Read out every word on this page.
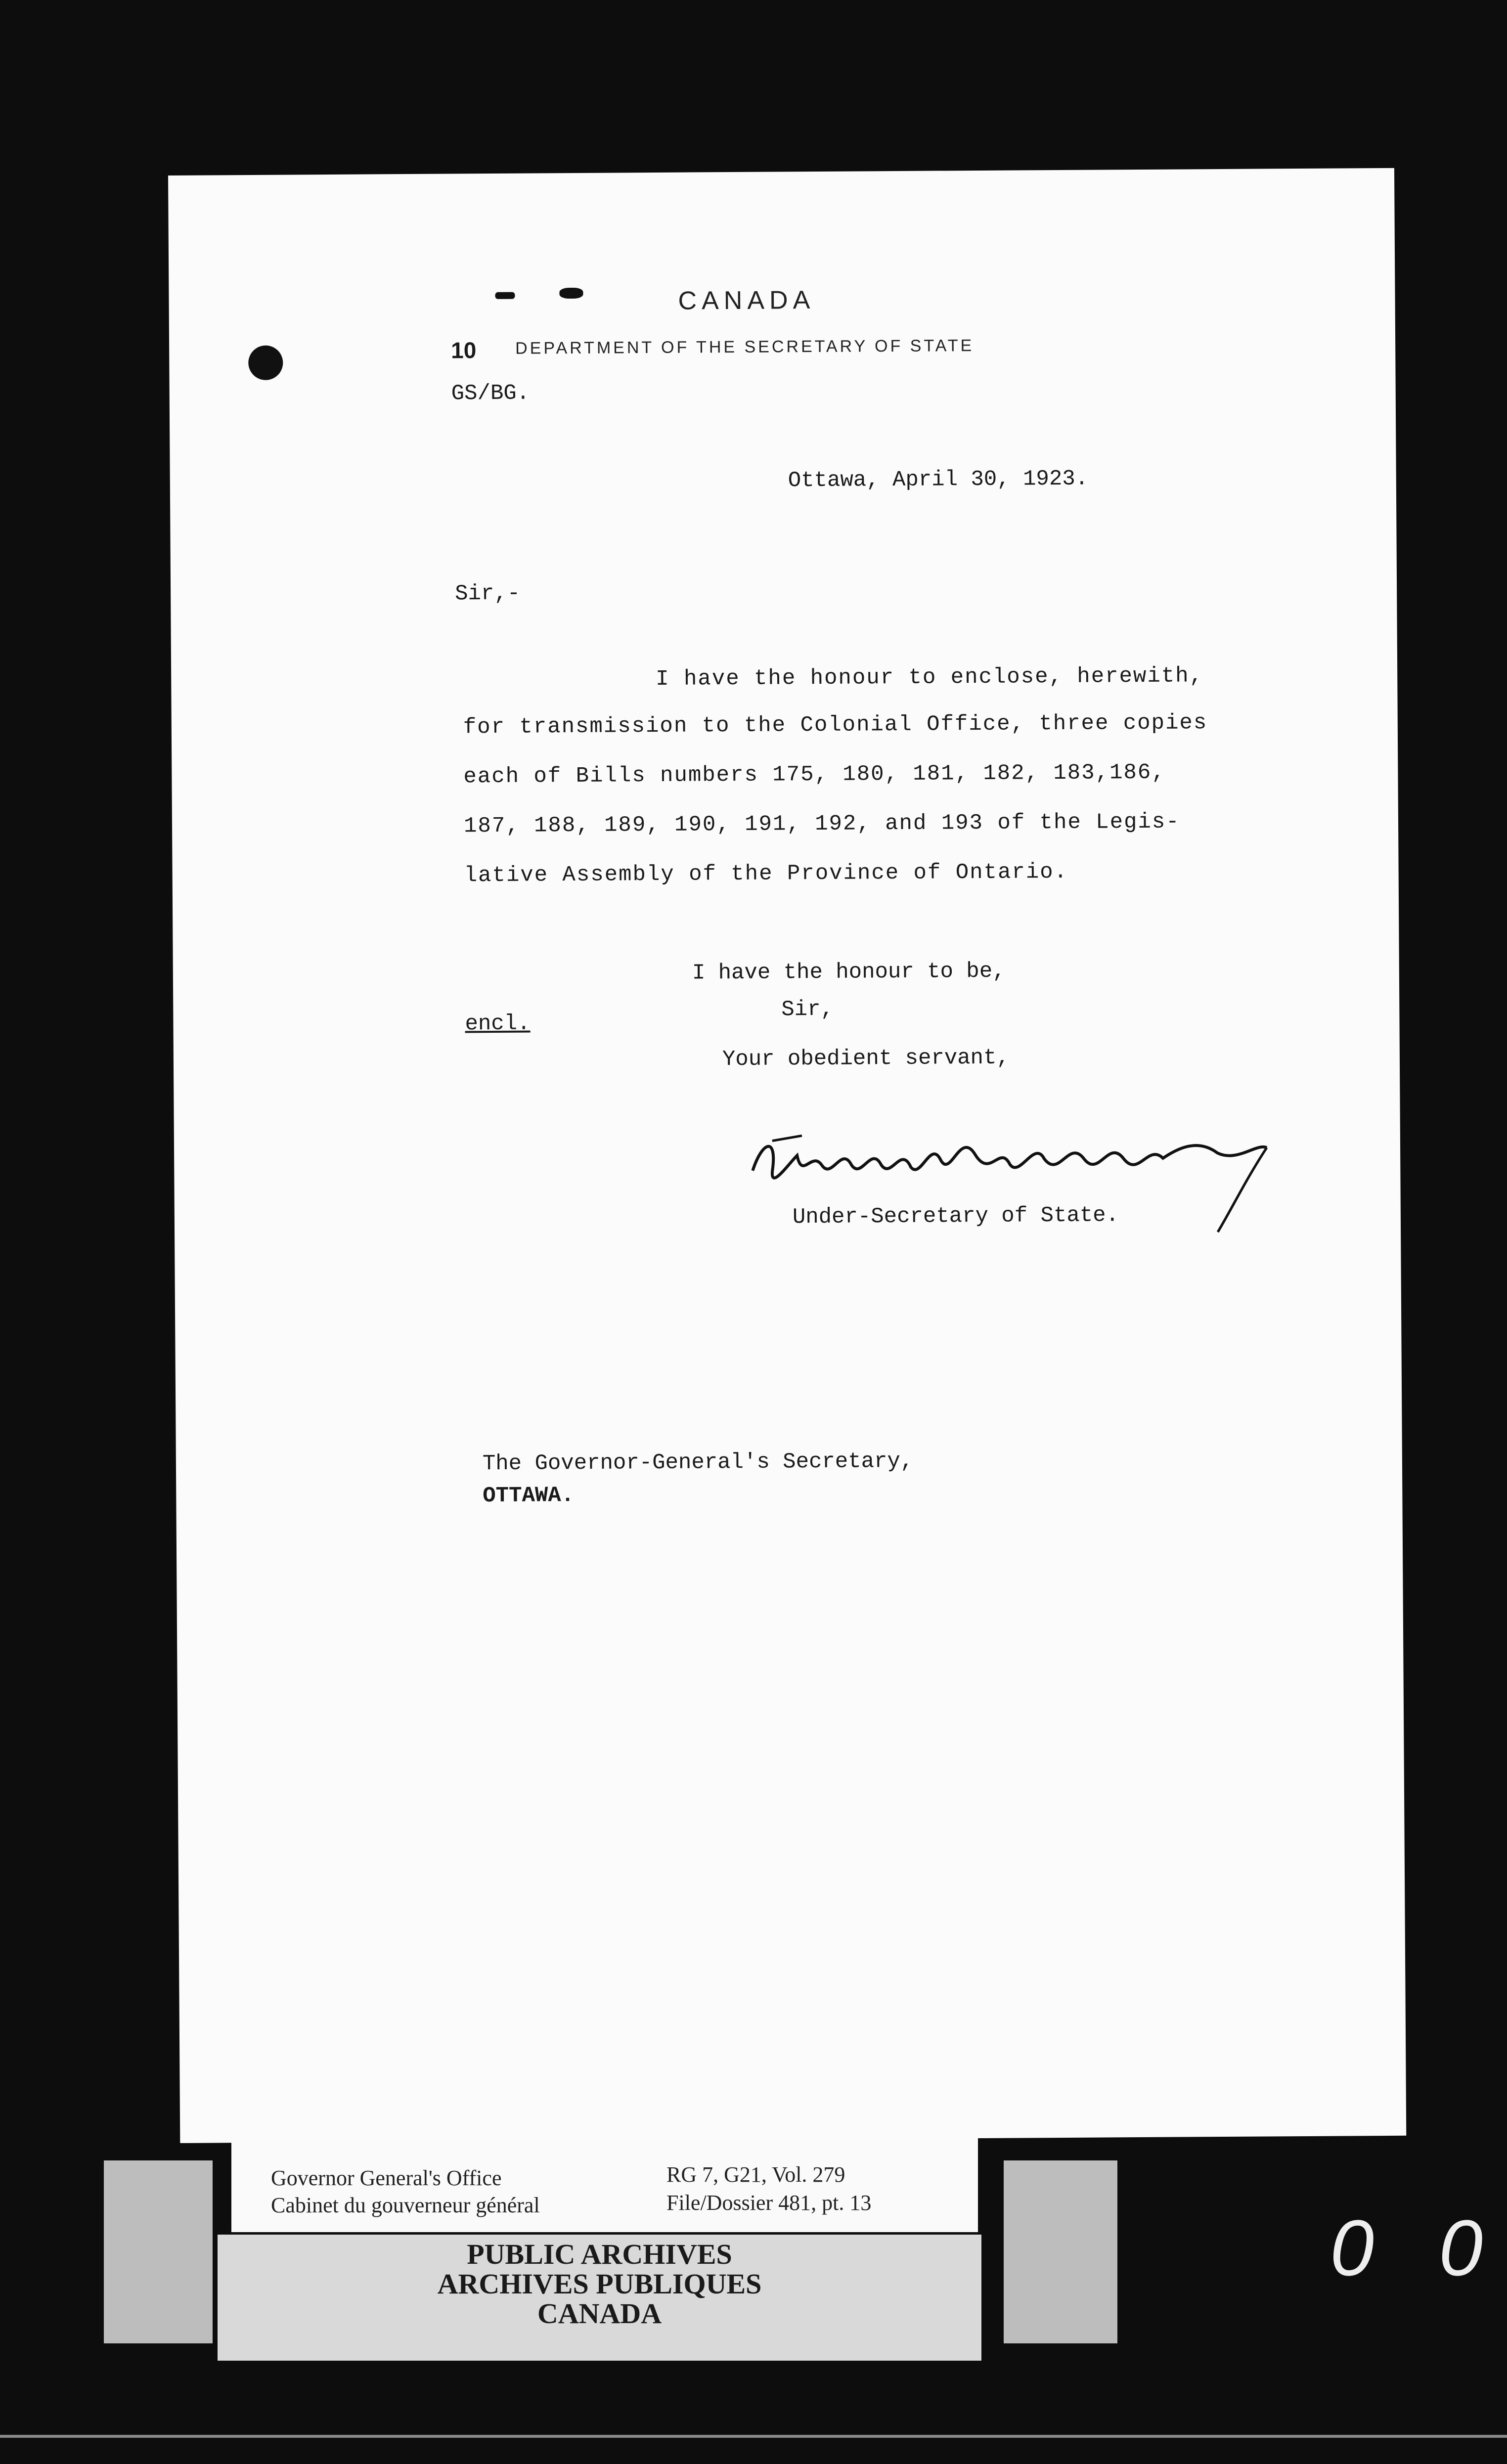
CANADA
DEPARTMENT OF THE SECRETARY OF STATE
10
GS/BG.
Ottawa, April 30, 1923.
Sir,-
I have the honour to enclose, herewith,
for transmission to the Colonial Office, three copies
each of Bills numbers 175, 180, 181, 182, 183,186,
187, 188, 189, 190, 191, 192, and 193 of the Legis-
lative Assembly of the Province of Ontario.
I have the honour to be,
encl.
Sir,
Your obedient servant,
Under-Secretary of State.
The Governor-General's Secretary,
OTTAWA.
Governor General's Office
Cabinet du gouverneur général
RG 7, G21, Vol. 279
File/Dossier 481, pt. 13
PUBLIC ARCHIVES
ARCHIVES PUBLIQUES
CANADA
0 0
